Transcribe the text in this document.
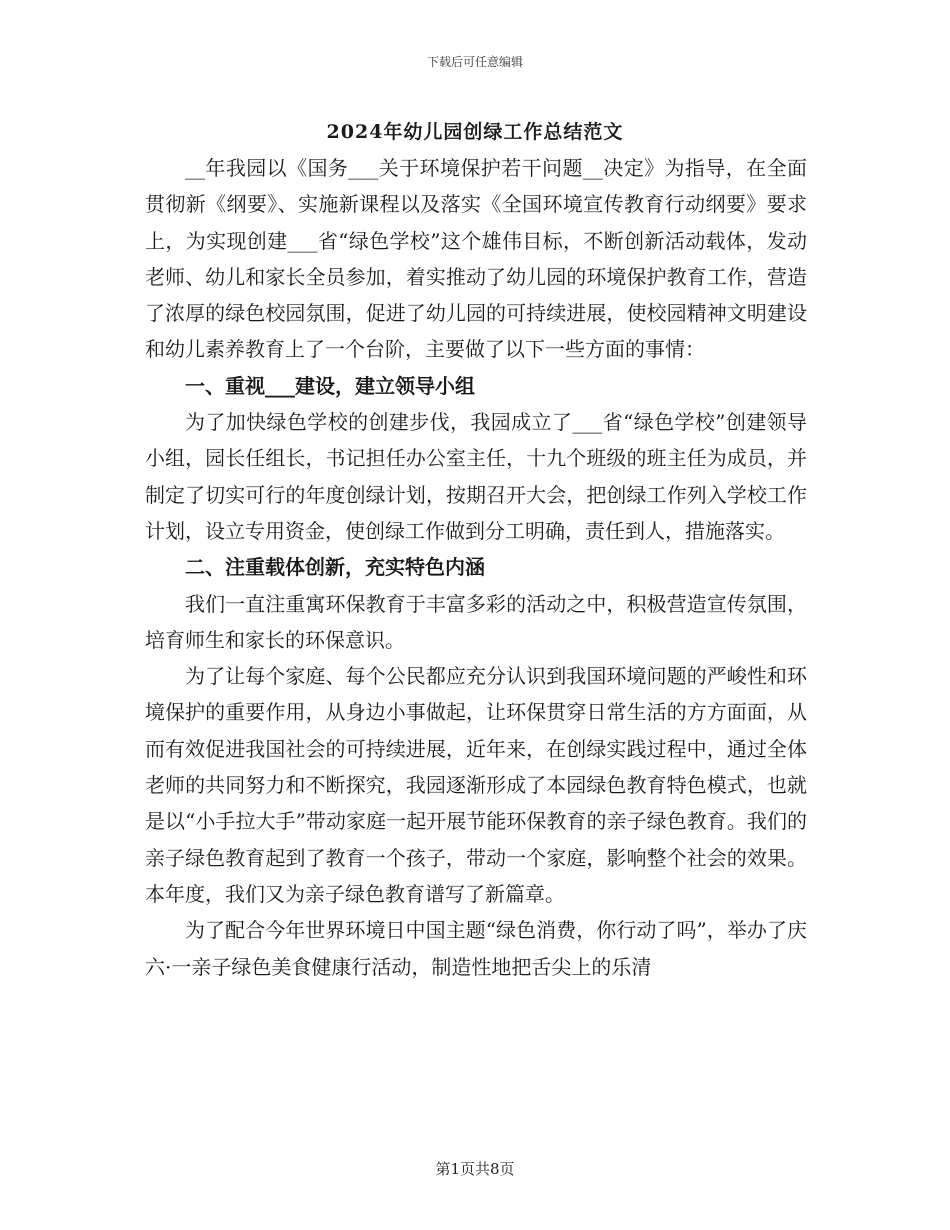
下载后可任意编辑
2024年幼儿园创绿工作总结范文

__年我园以《国务___关于环境保护若干问题__决定》为指导，在全面贯彻新《纲要》、实施新课程以及落实《全国环境宣传教育行动纲要》要求上，为实现创建___省“绿色学校”这个雄伟目标，不断创新活动载体，发动老师、幼儿和家长全员参加，着实推动了幼儿园的环境保护教育工作，营造了浓厚的绿色校园氛围，促进了幼儿园的可持续进展，使校园精神文明建设和幼儿素养教育上了一个台阶，主要做了以下一些方面的事情：

一、重视___建设，建立领导小组

为了加快绿色学校的创建步伐，我园成立了___省“绿色学校”创建领导小组，园长任组长，书记担任办公室主任，十九个班级的班主任为成员，并制定了切实可行的年度创绿计划，按期召开大会，把创绿工作列入学校工作计划，设立专用资金，使创绿工作做到分工明确，责任到人，措施落实。

二、注重载体创新，充实特色内涵

我们一直注重寓环保教育于丰富多彩的活动之中，积极营造宣传氛围，培育师生和家长的环保意识。

为了让每个家庭、每个公民都应充分认识到我国环境问题的严峻性和环境保护的重要作用，从身边小事做起，让环保贯穿日常生活的方方面面，从而有效促进我国社会的可持续进展，近年来，在创绿实践过程中，通过全体老师的共同努力和不断探究，我园逐渐形成了本园绿色教育特色模式，也就是以“小手拉大手”带动家庭一起开展节能环保教育的亲子绿色教育。我们的亲子绿色教育起到了教育一个孩子，带动一个家庭，影响整个社会的效果。本年度，我们又为亲子绿色教育谱写了新篇章。

为了配合今年世界环境日中国主题“绿色消费，你行动了吗”，举办了庆六·一亲子绿色美食健康行活动，制造性地把舌尖上的乐清

第1页共8页
